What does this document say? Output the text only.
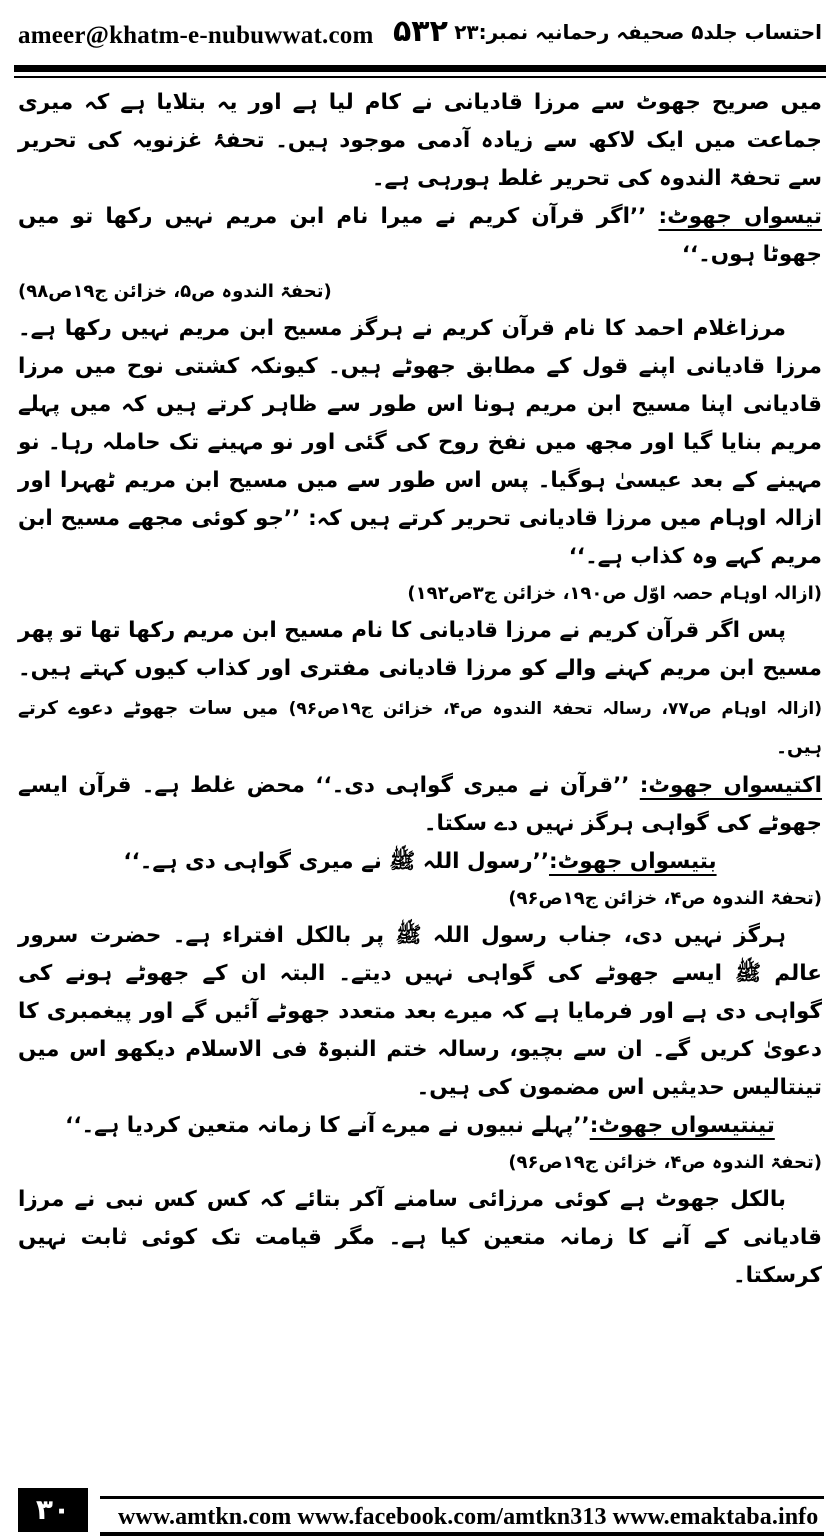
ameer@khatm-e-nubuwwat.com ۵۳۲ احتساب جلد۵ صحیفہ رحمانیہ نمبر:۲۳

میں صریح جھوٹ سے مرزا قادیانی نے کام لیا ہے اور یہ بتلایا ہے کہ میری جماعت میں ایک لاکھ سے زیادہ آدمی موجود ہیں۔ تحفۂ غزنویہ کی تحریر سے تحفۃ الندوہ کی تحریر غلط ہورہی ہے۔

تیسواں جھوٹ: ’’اگر قرآن کریم نے میرا نام ابن مریم نہیں رکھا تو میں جھوٹا ہوں۔‘‘

(تحفۃ الندوہ ص۵، خزائن ج۱۹ص۹۸)

مرزاغلام احمد کا نام قرآن کریم نے ہرگز مسیح ابن مریم نہیں رکھا ہے۔ مرزا قادیانی اپنے قول کے مطابق جھوٹے ہیں۔ کیونکہ کشتی نوح میں مرزا قادیانی اپنا مسیح ابن مریم ہونا اس طور سے ظاہر کرتے ہیں کہ میں پہلے مریم بنایا گیا اور مجھ میں نفخ روح کی گئی اور نو مہینے تک حاملہ رہا۔ نو مہینے کے بعد عیسیٰ ہوگیا۔ پس اس طور سے میں مسیح ابن مریم ٹھہرا اور ازالہ اوہام میں مرزا قادیانی تحریر کرتے ہیں کہ: ’’جو کوئی مجھے مسیح ابن مریم کہے وہ کذاب ہے۔‘‘

(ازالہ اوہام حصہ اوّل ص۱۹۰، خزائن ج۳ص۱۹۲)

پس اگر قرآن کریم نے مرزا قادیانی کا نام مسیح ابن مریم رکھا تھا تو پھر مسیح ابن مریم کہنے والے کو مرزا قادیانی مفتری اور کذاب کیوں کہتے ہیں۔ (ازالہ اوہام ص۷۷، رسالہ تحفۃ الندوہ ص۴، خزائن ج۱۹ص۹۶) میں سات جھوٹے دعوے کرتے ہیں۔

اکتیسواں جھوٹ: ’’قرآن نے میری گواہی دی۔‘‘ محض غلط ہے۔ قرآن ایسے جھوٹے کی گواہی ہرگز نہیں دے سکتا۔

بتیسواں جھوٹ:’’رسول اللہ ﷺ نے میری گواہی دی ہے۔‘‘

(تحفۃ الندوہ ص۴، خزائن ج۱۹ص۹۶)

ہرگز نہیں دی، جناب رسول اللہ ﷺ پر بالکل افتراء ہے۔ حضرت سرور عالم ﷺ ایسے جھوٹے کی گواہی نہیں دیتے۔ البتہ ان کے جھوٹے ہونے کی گواہی دی ہے اور فرمایا ہے کہ میرے بعد متعدد جھوٹے آئیں گے اور پیغمبری کا دعویٰ کریں گے۔ ان سے بچیو، رسالہ ختم النبوۃ فی الاسلام دیکھو اس میں تینتالیس حدیثیں اس مضمون کی ہیں۔

تینتیسواں جھوٹ:’’پہلے نبیوں نے میرے آنے کا زمانہ متعین کردیا ہے۔‘‘

(تحفۃ الندوہ ص۴، خزائن ج۱۹ص۹۶)

بالکل جھوٹ ہے کوئی مرزائی سامنے آکر بتائے کہ کس کس نبی نے مرزا قادیانی کے آنے کا زمانہ متعین کیا ہے۔ مگر قیامت تک کوئی ثابت نہیں کرسکتا۔

۳۰	www.amtkn.com www.facebook.com/amtkn313 www.emaktaba.info
